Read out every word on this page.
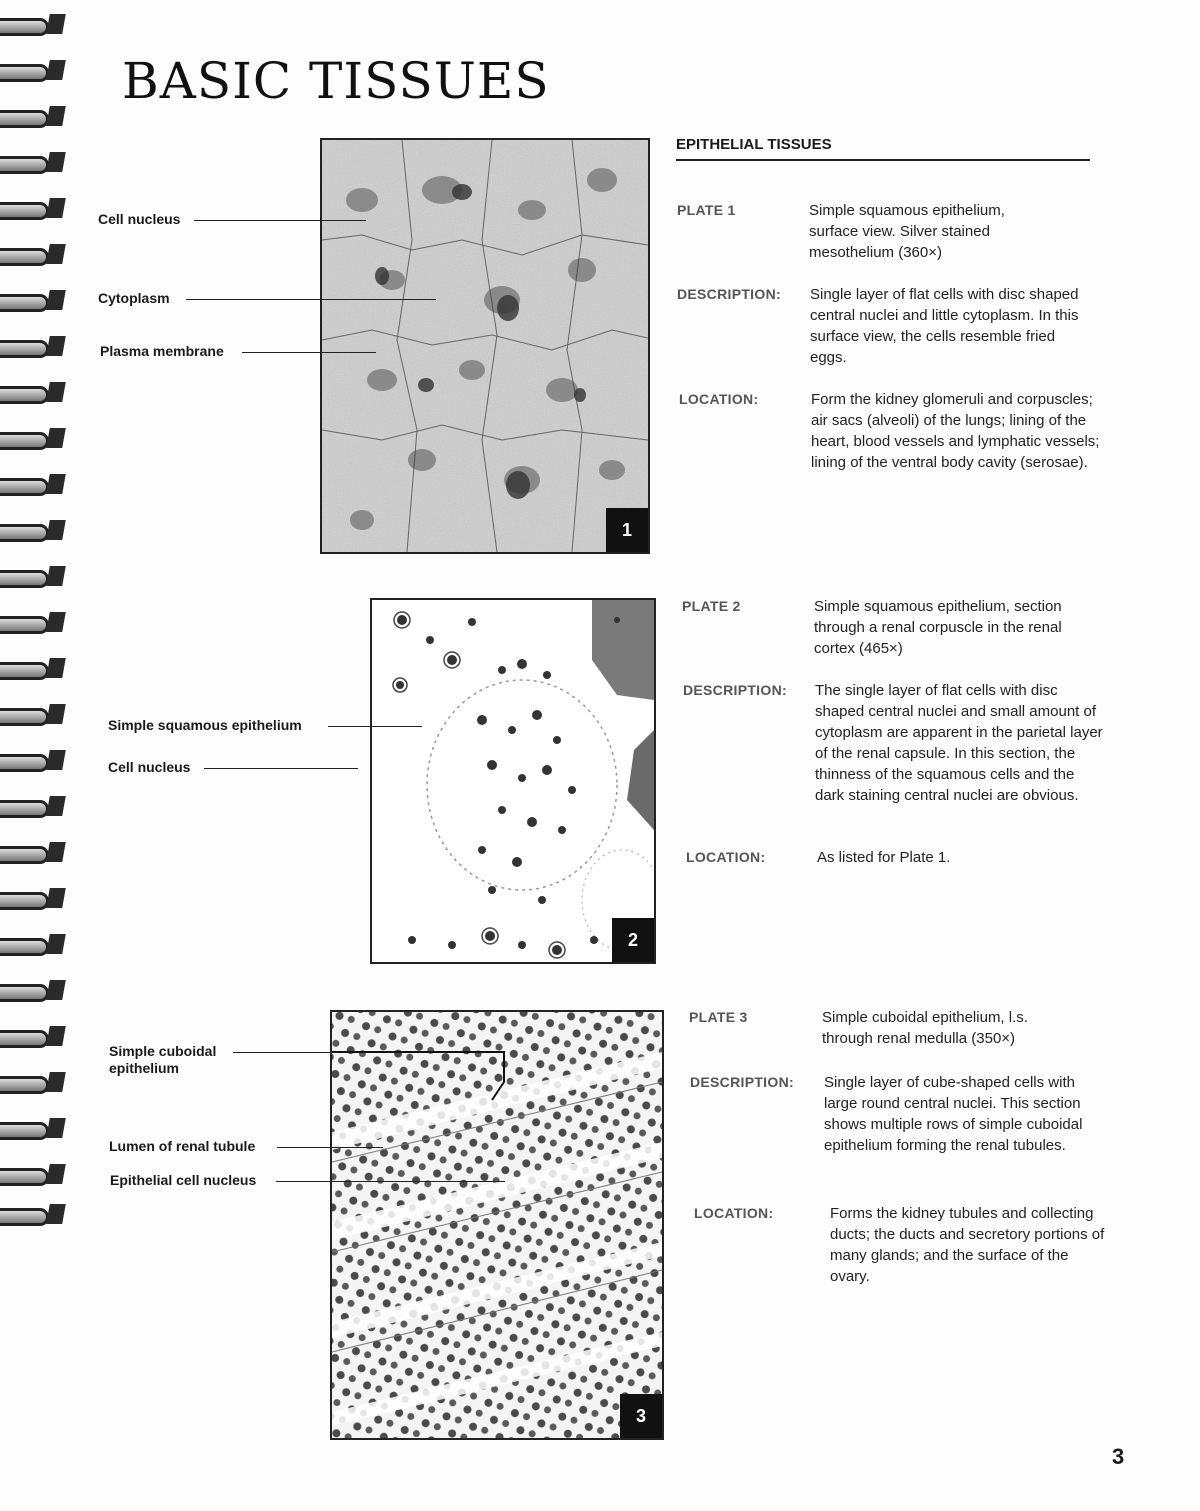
BASIC TISSUES
EPITHELIAL TISSUES
1
Cell nucleus
Cytoplasm
Plasma membrane
PLATE 1	Simple squamous epithelium, surface view. Silver stained mesothelium (360×)
DESCRIPTION: Single layer of flat cells with disc shaped central nuclei and little cytoplasm. In this surface view, the cells resemble fried eggs.
LOCATION:	Form the kidney glomeruli and corpuscles; air sacs (alveoli) of the lungs; lining of the heart, blood vessels and lymphatic vessels; lining of the ventral body cavity (serosae).
2
Simple squamous epithelium
Cell nucleus
PLATE 2	Simple squamous epithelium, section through a renal corpuscle in the renal cortex (465×)
DESCRIPTION: The single layer of flat cells with disc shaped central nuclei and small amount of cytoplasm are apparent in the parietal layer of the renal capsule. In this section, the thinness of the squamous cells and the dark staining central nuclei are obvious.
LOCATION:	As listed for Plate 1.
3
Simple cuboidal epithelium
Lumen of renal tubule
Epithelial cell nucleus
PLATE 3	Simple cuboidal epithelium, l.s. through renal medulla (350×)
DESCRIPTION: Single layer of cube-shaped cells with large round central nuclei. This section shows multiple rows of simple cuboidal epithelium forming the renal tubules.
LOCATION:	Forms the kidney tubules and collecting ducts; the ducts and secretory portions of many glands; and the surface of the ovary.
3
